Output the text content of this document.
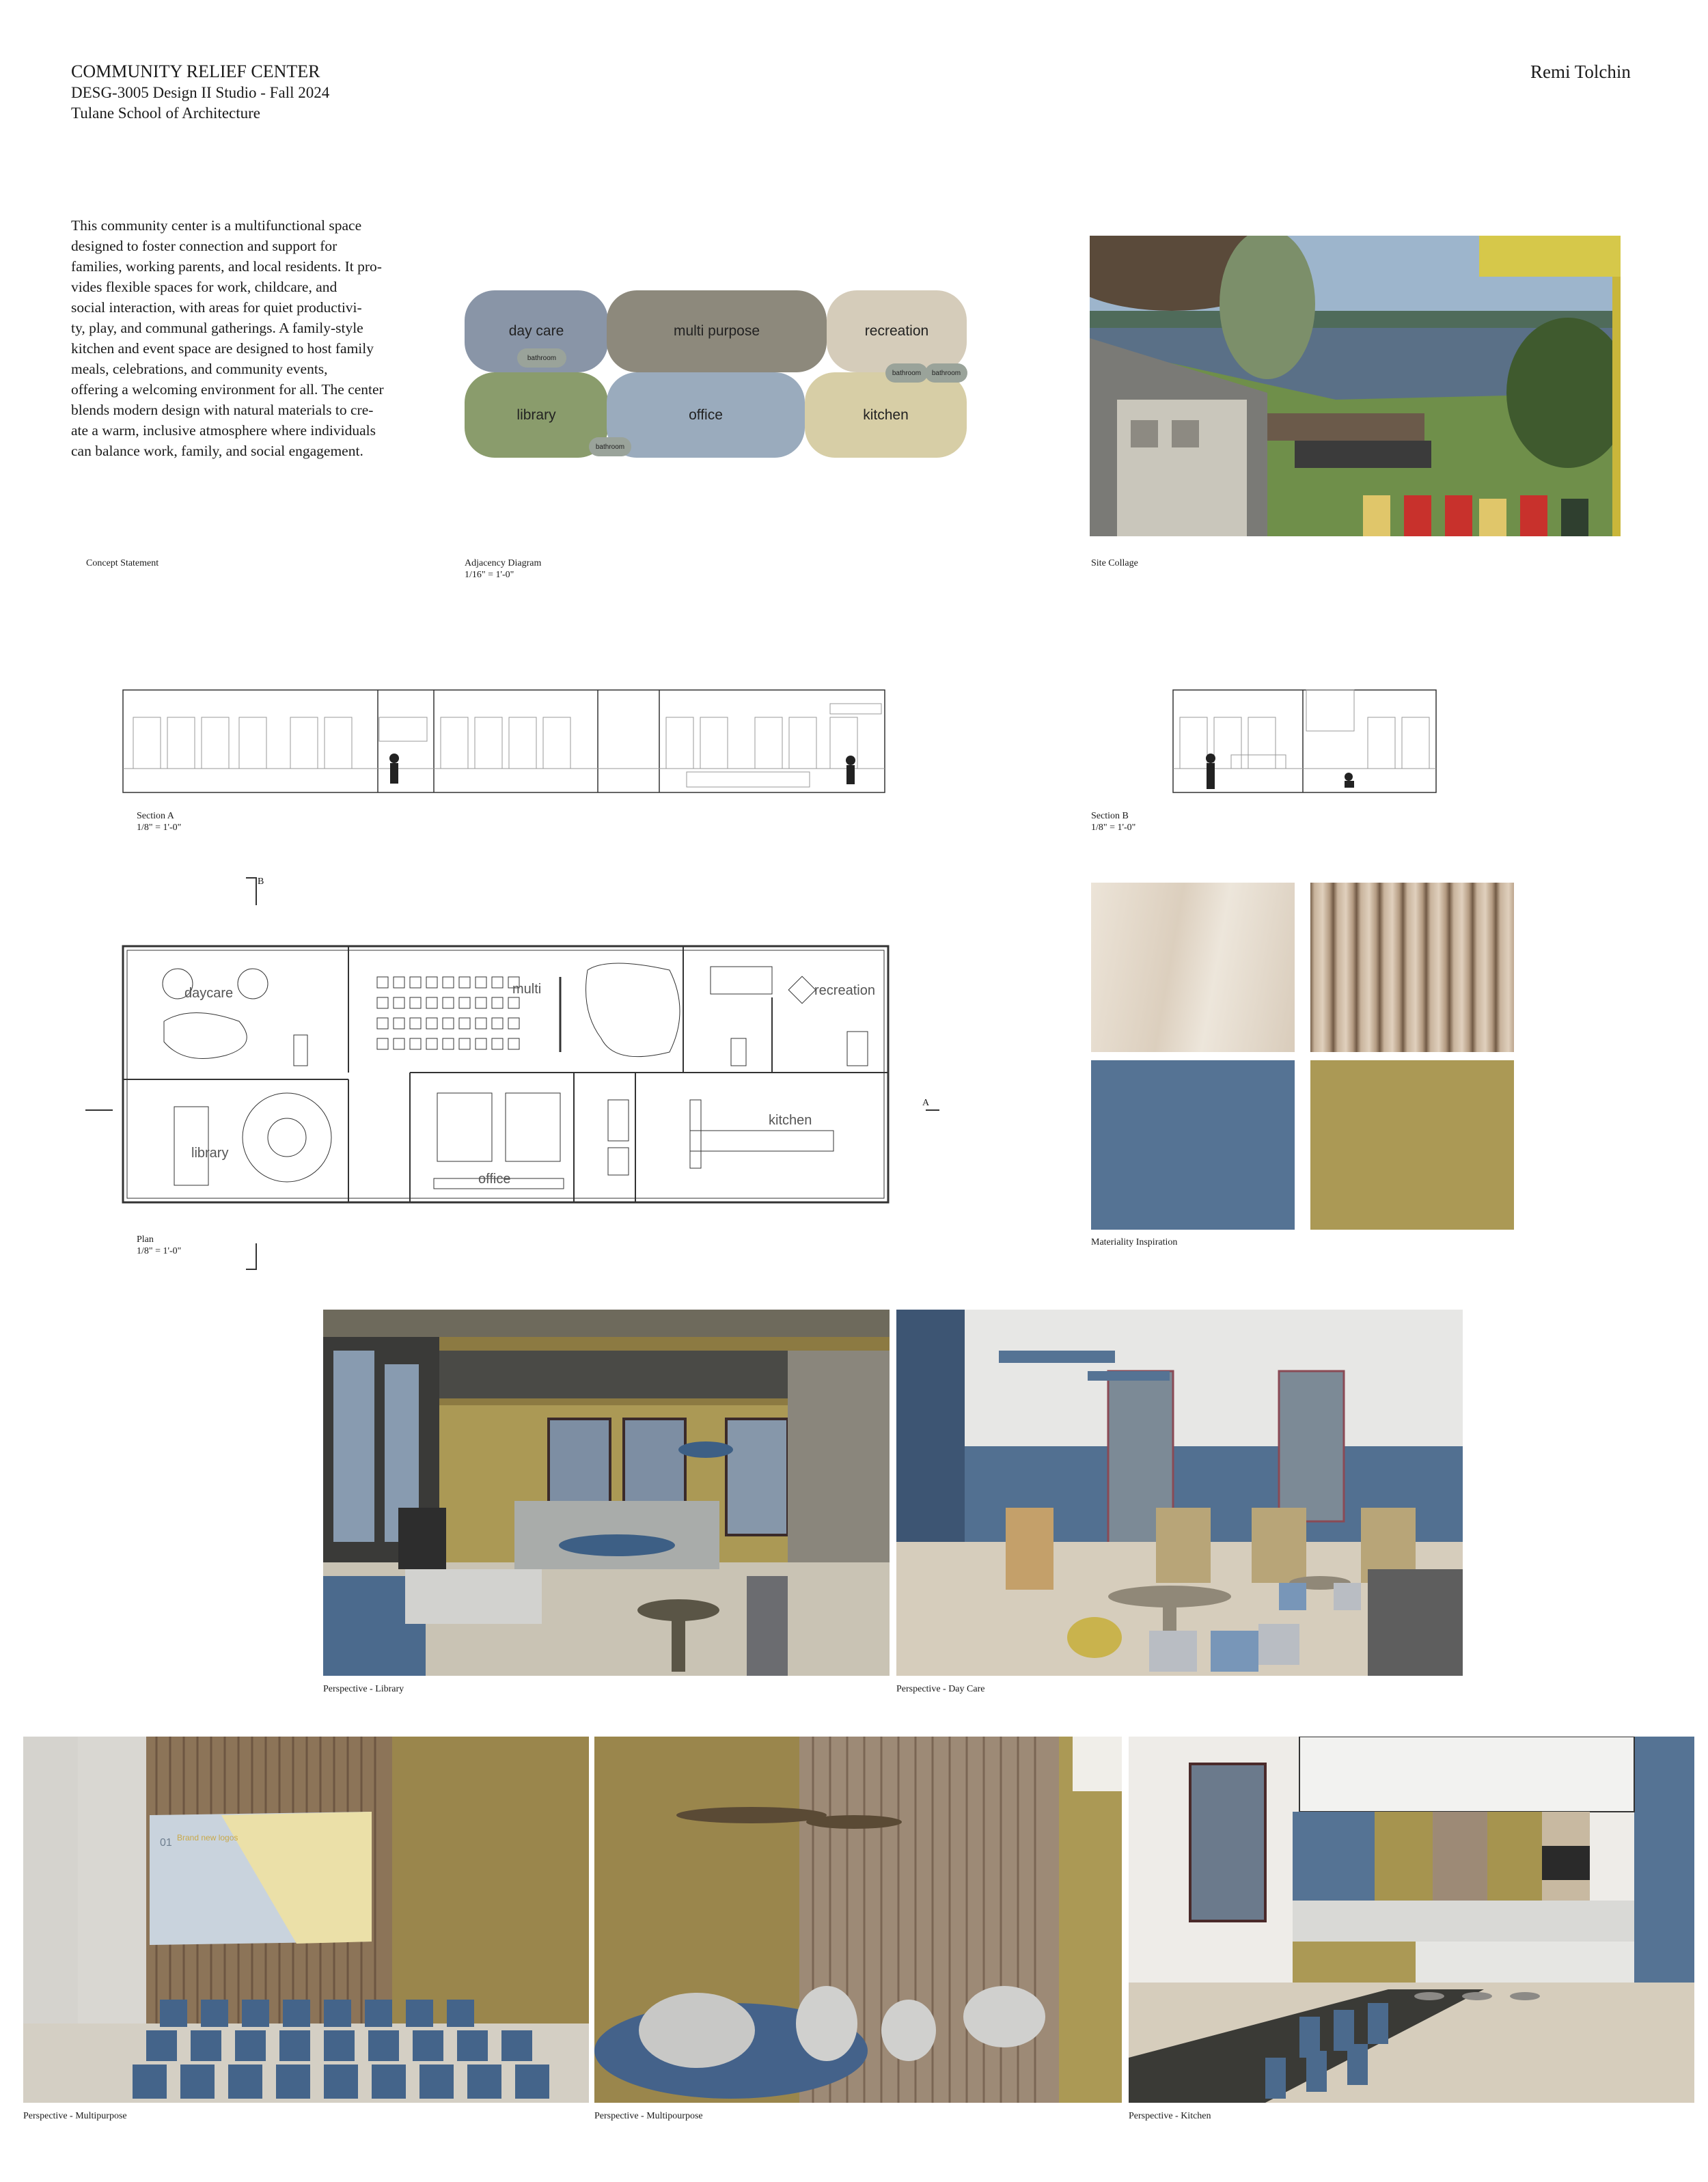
COMMUNITY RELIEF CENTER
DESG-3005 Design II Studio - Fall 2024
Tulane School of Architecture
Remi Tolchin
This community center is a multifunctional space
designed to foster connection and support for
families, working parents, and local residents. It pro-
vides flexible spaces for work, childcare, and
social interaction, with areas for quiet productivi-
ty, play, and communal gatherings. A family-style
kitchen and event space are designed to host family
meals, celebrations, and community events,
offering a welcoming environment for all. The center
blends modern design with natural materials to cre-
ate a warm, inclusive atmosphere where individuals
can balance work, family, and social engagement.
Concept Statement
day care	multi purpose	recreation
library	office	kitchen
bathroom
bathroom	bathroom
bathroom
Adjacency Diagram
1/16" = 1'-0"
Site Collage
Section A
1/8" = 1'-0"
Section B
1/8" = 1'-0"
B
A
daycare	multi	recreation
library
office
kitchen
Plan
1/8" = 1'-0"
Materiality Inspiration
Perspective - Library	Perspective - Day Care
01 Brand new logos
Perspective - Multipurpose	Perspective - Multipourpose	Perspective - Kitchen
